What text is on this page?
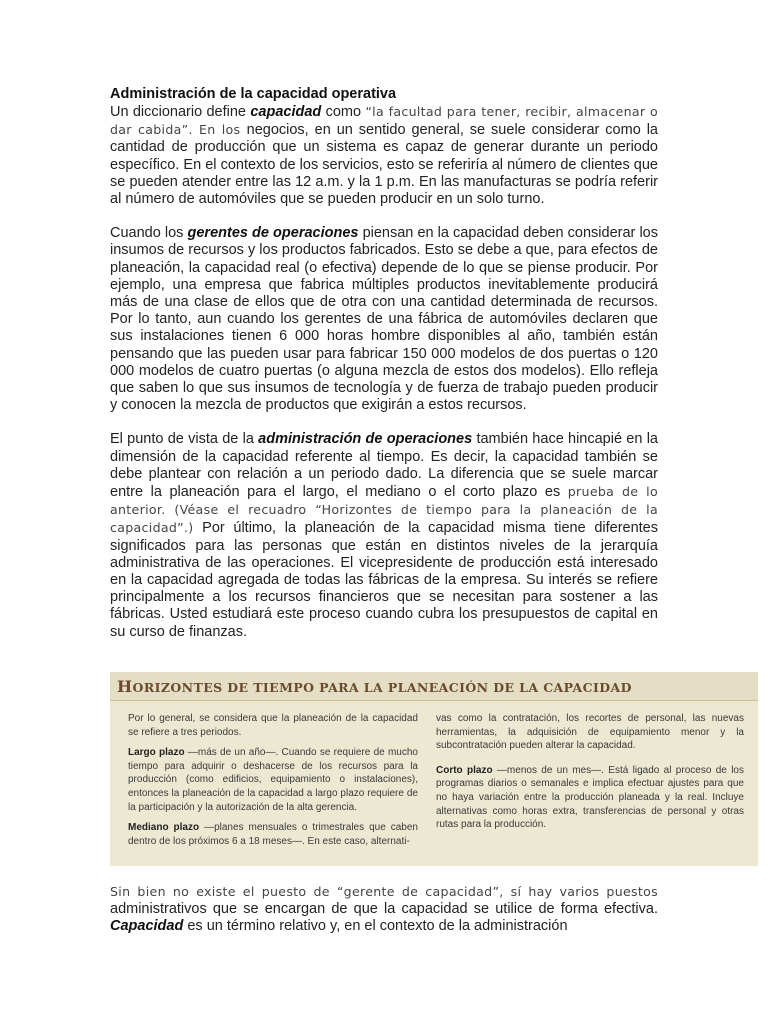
Administración de la capacidad operativa

Un diccionario define capacidad como “la facultad para tener, recibir, almacenar o dar cabida”. En los negocios, en un sentido general, se suele considerar como la cantidad de producción que un sistema es capaz de generar durante un periodo específico. En el contexto de los servicios, esto se referiría al número de clientes que se pueden atender entre las 12 a.m. y la 1 p.m. En las manufacturas se podría referir al número de automóviles que se pueden producir en un solo turno.

Cuando los gerentes de operaciones piensan en la capacidad deben considerar los insumos de recursos y los productos fabricados. Esto se debe a que, para efectos de planeación, la capacidad real (o efectiva) depende de lo que se piense producir. Por ejemplo, una empresa que fabrica múltiples productos inevitablemente producirá más de una clase de ellos que de otra con una cantidad determinada de recursos. Por lo tanto, aun cuando los gerentes de una fábrica de automóviles declaren que sus instalaciones tienen 6 000 horas hombre disponibles al año, también están pensando que las pueden usar para fabricar 150 000 modelos de dos puertas o 120 000 modelos de cuatro puertas (o alguna mezcla de estos dos modelos). Ello refleja que saben lo que sus insumos de tecnología y de fuerza de trabajo pueden producir y conocen la mezcla de productos que exigirán a estos recursos.

El punto de vista de la administración de operaciones también hace hincapié en la dimensión de la capacidad referente al tiempo. Es decir, la capacidad también se debe plantear con relación a un periodo dado. La diferencia que se suele marcar entre la planeación para el largo, el mediano o el corto plazo es prueba de lo anterior. (Véase el recuadro “Horizontes de tiempo para la planeación de la capacidad”.) Por último, la planeación de la capacidad misma tiene diferentes significados para las personas que están en distintos niveles de la jerarquía administrativa de las operaciones. El vicepresidente de producción está interesado en la capacidad agregada de todas las fábricas de la empresa. Su interés se refiere principalmente a los recursos financieros que se necesitan para sostener a las fábricas. Usted estudiará este proceso cuando cubra los presupuestos de capital en su curso de finanzas.

HORIZONTES DE TIEMPO PARA LA PLANEACIÓN DE LA CAPACIDAD

Por lo general, se considera que la planeación de la capacidad se refiere a tres periodos.

Largo plazo —más de un año—. Cuando se requiere de mucho tiempo para adquirir o deshacerse de los recursos para la producción (como edificios, equipamiento o instalaciones), entonces la planeación de la capacidad a largo plazo requiere de la participación y la autorización de la alta gerencia.

Mediano plazo —planes mensuales o trimestrales que caben dentro de los próximos 6 a 18 meses—. En este caso, alternati-

vas como la contratación, los recortes de personal, las nuevas herramientas, la adquisición de equipamiento menor y la subcontratación pueden alterar la capacidad.

Corto plazo —menos de un mes—. Está ligado al proceso de los programas diarios o semanales e implica efectuar ajustes para que no haya variación entre la producción planeada y la real. Incluye alternativas como horas extra, transferencias de personal y otras rutas para la producción.

Sin bien no existe el puesto de “gerente de capacidad”, sí hay varios puestos administrativos que se encargan de que la capacidad se utilice de forma efectiva. Capacidad es un término relativo y, en el contexto de la administración
